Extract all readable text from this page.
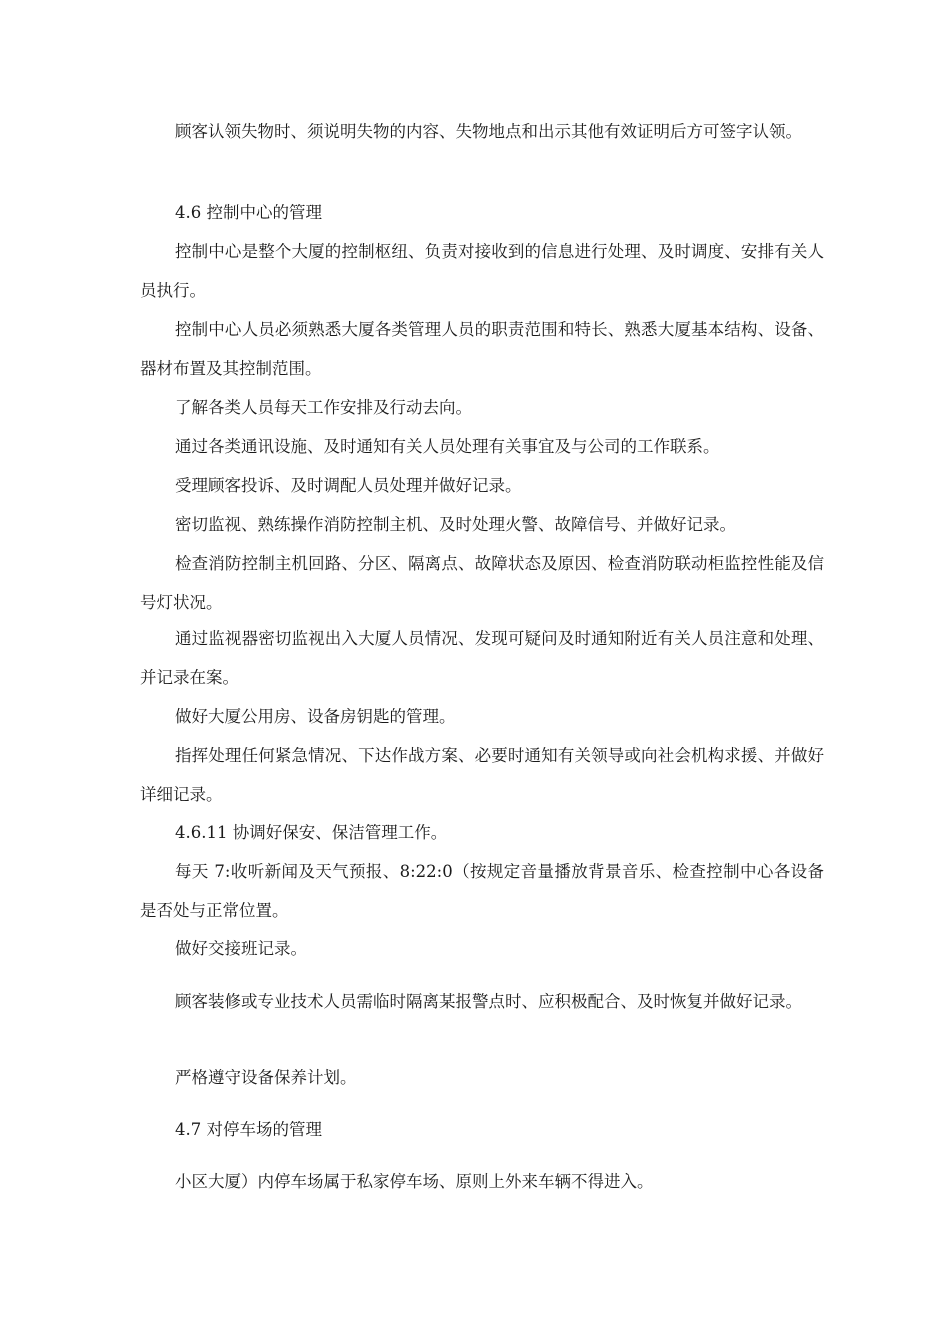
顾客认领失物时、须说明失物的内容、失物地点和出示其他有效证明后方可签字认领。

4.6 控制中心的管理

控制中心是整个大厦的控制枢纽、负责对接收到的信息进行处理、及时调度、安排有关人员执行。

控制中心人员必须熟悉大厦各类管理人员的职责范围和特长、熟悉大厦基本结构、设备、器材布置及其控制范围。

了解各类人员每天工作安排及行动去向。

通过各类通讯设施、及时通知有关人员处理有关事宜及与公司的工作联系。

受理顾客投诉、及时调配人员处理并做好记录。

密切监视、熟练操作消防控制主机、及时处理火警、故障信号、并做好记录。

检查消防控制主机回路、分区、隔离点、故障状态及原因、检查消防联动柜监控性能及信号灯状况。

通过监视器密切监视出入大厦人员情况、发现可疑问及时通知附近有关人员注意和处理、并记录在案。

做好大厦公用房、设备房钥匙的管理。

指挥处理任何紧急情况、下达作战方案、必要时通知有关领导或向社会机构求援、并做好详细记录。

4.6.11 协调好保安、保洁管理工作。

每天 7:收听新闻及天气预报、8:22:0（按规定音量播放背景音乐、检查控制中心各设备是否处与正常位置。

做好交接班记录。

顾客装修或专业技术人员需临时隔离某报警点时、应积极配合、及时恢复并做好记录。

严格遵守设备保养计划。

4.7 对停车场的管理

小区大厦）内停车场属于私家停车场、原则上外来车辆不得进入。
